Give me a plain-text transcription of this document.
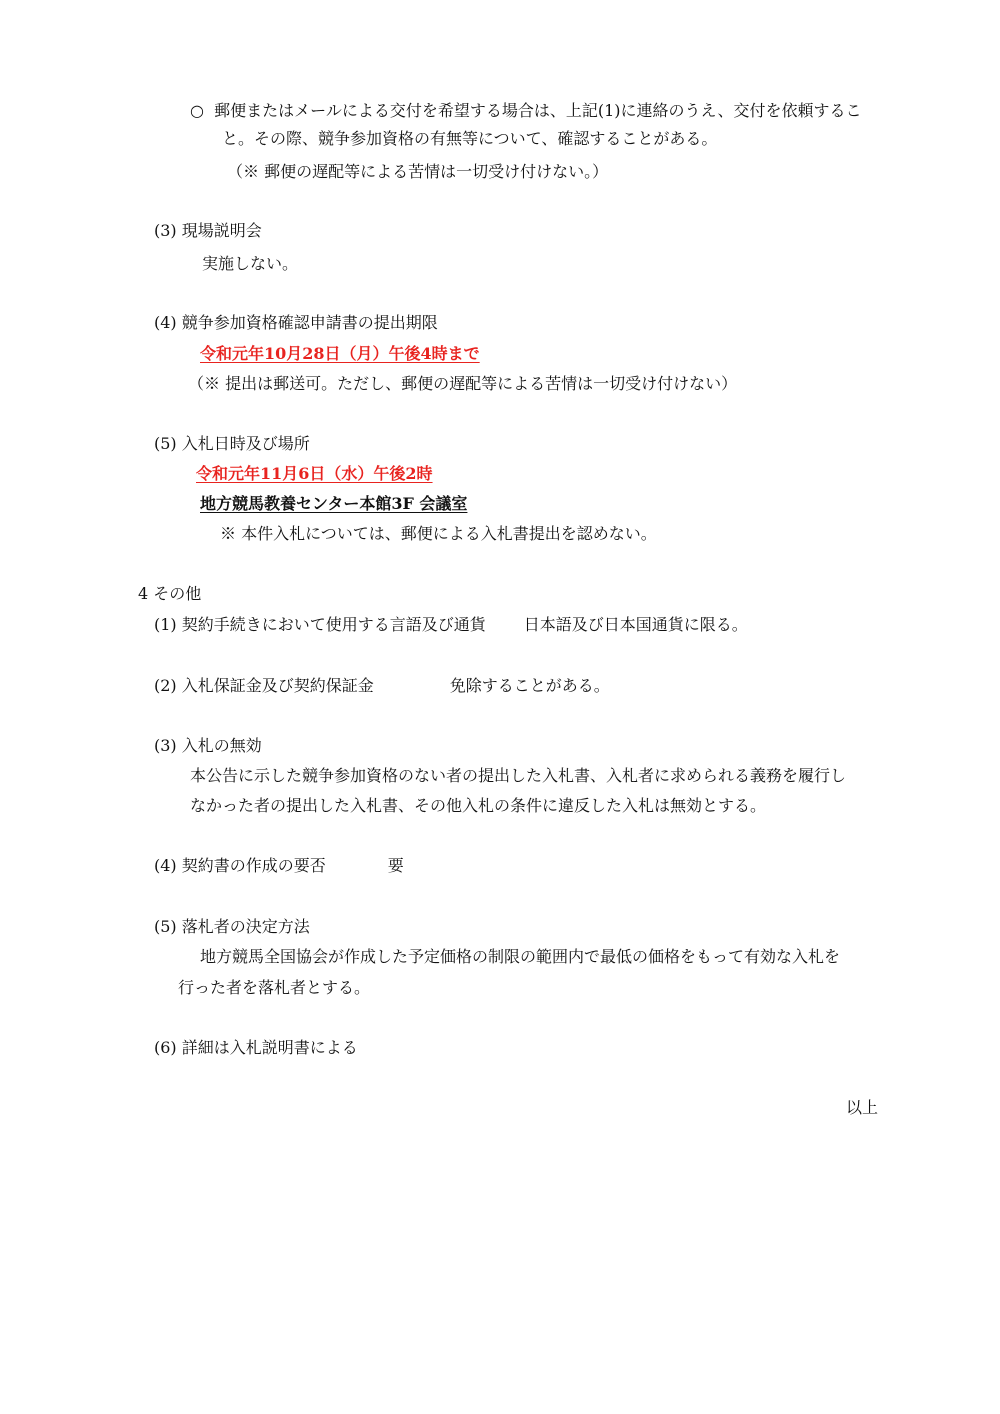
○ 郵便またはメールによる交付を希望する場合は、上記(1)に連絡のうえ、交付を依頼するこ
と。その際、競争参加資格の有無等について、確認することがある。
（※ 郵便の遅配等による苦情は一切受け付けない。）
(3) 現場説明会
実施しない。
(4) 競争参加資格確認申請書の提出期限
令和元年10月28日（月）午後4時まで
（※ 提出は郵送可。ただし、郵便の遅配等による苦情は一切受け付けない）
(5) 入札日時及び場所
令和元年11月6日（水）午後2時
地方競馬教養センター本館3F 会議室
※ 本件入札については、郵便による入札書提出を認めない。
4 その他
(1) 契約手続きにおいて使用する言語及び通貨 日本語及び日本国通貨に限る。
(2) 入札保証金及び契約保証金	免除することがある。
(3) 入札の無効
本公告に示した競争参加資格のない者の提出した入札書、入札者に求められる義務を履行し
なかった者の提出した入札書、その他入札の条件に違反した入札は無効とする。
(4) 契約書の作成の要否	要
(5) 落札者の決定方法
地方競馬全国協会が作成した予定価格の制限の範囲内で最低の価格をもって有効な入札を
行った者を落札者とする。
(6) 詳細は入札説明書による
以上
